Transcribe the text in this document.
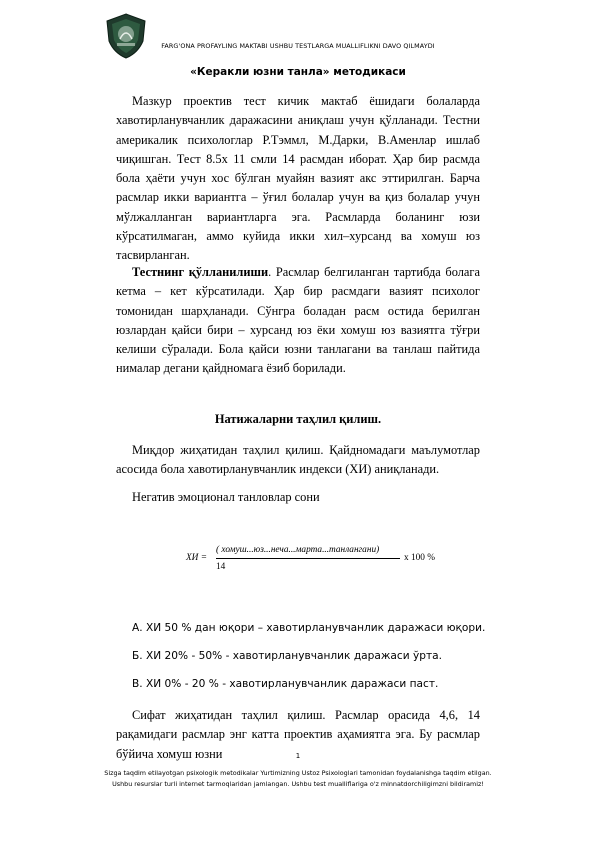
FARG'ONA PROFAYLING MAKTABI USHBU TESTLARGA MUALLIFLIKNI DAVO QILMAYDI
«Керакли юзни танла» методикаси
Мазкур проектив тест кичик мактаб ёшидаги болаларда хавотирланувчанлик даражасини аниқлаш учун қўлланади. Тестни америкалик психологлар Р.Тэммл, М.Дарки, В.Аменлар ишлаб чиқишган. Тест 8.5х 11 смли 14 расмдан иборат. Ҳар бир расмда бола ҳаёти учун хос бўлган муайян вазият акс эттирилган. Барча расмлар икки вариантга – ўғил болалар учун ва қиз болалар учун мўлжалланган вариантларга эга. Расмларда боланинг юзи кўрсатилмаган, аммо куйида икки хил–хурсанд ва хомуш юз тасвирланган.
Тестнинг қўлланилиши. Расмлар белгиланган тартибда болага кетма – кет кўрсатилади. Ҳар бир расмдаги вазият психолог томонидан шарҳланади. Сўнгра боладан расм остида берилган юзлардан қайси бири – хурсанд юз ёки хомуш юз вазиятга тўғри келиши сўралади. Бола қайси юзни танлагани ва танлаш пайтида нималар дегани қайдномага ёзиб борилади.
Натижаларни таҳлил қилиш.
Миқдор жиҳатидан таҳлил қилиш. Қайдномадаги маълумотлар асосида бола хавотирланувчанлик индекси (ХИ) аниқланади.
Негатив эмоционал танловлар сони
ХИ =
( хомуш...юз...неча...марта...танлангани)
14
х 100 %
А. ХИ 50 % дан юқори – хавотирланувчанлик даражаси юқори.
Б. ХИ 20% - 50% - хавотирланувчанлик даражаси ўрта.
В. ХИ 0% - 20 % - хавотирланувчанлик даражаси паст.
Сифат жиҳатидан таҳлил қилиш. Расмлар орасида 4,6, 14 рақамидаги расмлар энг катта проектив аҳамиятга эга. Бу расмлар бўйича хомуш юзни	1
Sizga taqdim etilayotgan psixologik metodikalar Yurtimizning Ustoz Psixologlari tamonidan foydalanishga taqdim etilgan. Ushbu resurslar turli internet tarmoqlaridan jamlangan. Ushbu test mualliflariga o'z minnatdorchiligimzni bildiramiz!
